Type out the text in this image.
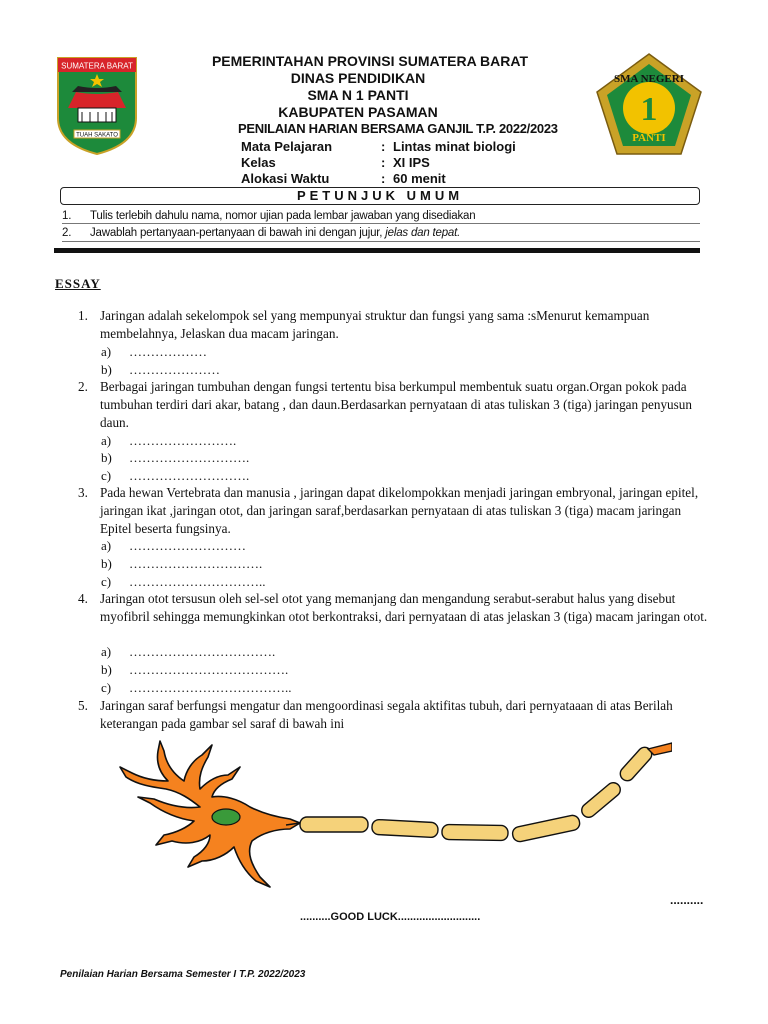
SUMATERA BARAT
TUAH SAKATO
PEMERINTAHAN PROVINSI SUMATERA BARAT
DINAS PENDIDIKAN
SMA N 1 PANTI
KABUPATEN PASAMAN
PENILAIAN HARIAN BERSAMA GANJIL T.P. 2022/2023
Mata Pelajaran	: Lintas minat biologi
Kelas	: XI IPS
Alokasi Waktu	: 60 menit
SMA NEGERI
1
PANTI
PETUNJUK UMUM
1. Tulis terlebih dahulu nama, nomor ujian pada lembar jawaban yang disediakan
2. Jawablah pertanyaan-pertanyaan di bawah ini dengan jujur, jelas dan tepat.
ESSAY
1. Jaringan adalah sekelompok sel yang mempunyai struktur dan fungsi yang sama :sMenurut kemampuan membelahnya, Jelaskan dua macam jaringan.
a) ………………
b) …………………
2. Berbagai jaringan tumbuhan dengan fungsi tertentu bisa berkumpul membentuk suatu organ.Organ pokok pada tumbuhan terdiri dari akar, batang , dan daun.Berdasarkan pernyataan di atas tuliskan 3 (tiga) jaringan penyusun daun.
a) …………………….
b) ……………………….
c) ……………………….
3. Pada hewan Vertebrata dan manusia , jaringan dapat dikelompokkan menjadi jaringan embryonal, jaringan epitel, jaringan ikat ,jaringan otot, dan jaringan saraf,berdasarkan pernyataan di atas tuliskan 3 (tiga) macam jaringan Epitel beserta fungsinya.
a) ………………………
b) ………………………….
c) …………………………..
4. Jaringan otot tersusun oleh sel-sel otot yang memanjang dan mengandung serabut-serabut halus yang disebut myofibril sehingga memungkinkan otot berkontraksi, dari pernyataan di atas jelaskan 3 (tiga) macam jaringan otot.
a) …………………………….
b) ……………………………….
c) ………………………………..
5. Jaringan saraf berfungsi mengatur dan mengoordinasi segala aktifitas tubuh, dari pernyataaan di atas Berilah keterangan pada gambar sel saraf di bawah ini
..........
..........GOOD LUCK...........................
Penilaian Harian Bersama Semester I T.P. 2022/2023
